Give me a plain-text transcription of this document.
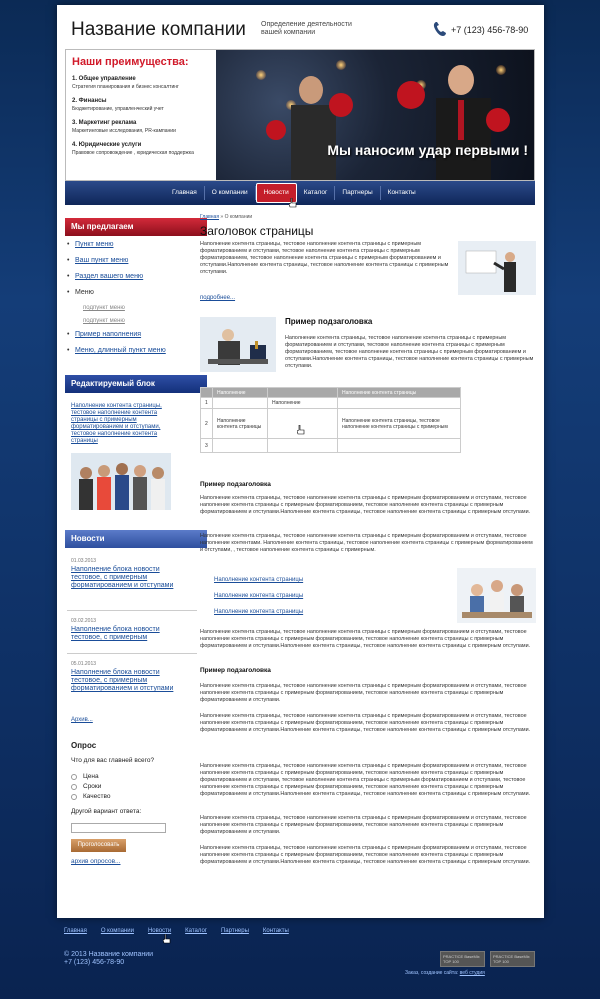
Название компании Определение деятельности вашей компании	+7 (123) 456-78-90
Наши преимущества:
1. Общее управление
Стратегия планирования и бизнес консалтинг
2. Финансы
Бюджетирование, управленческий учет
3. Маркетинг реклама
Маркетинговые исследования, PR-кампании
4. Юридические услуги
Правовое сопровождение , юридическая поддержка	Мы наносим удар первыми !
Главная	О компании	Новости	Каталог	Партнеры	Контакты
Мы предлагаем
• Пункт меню
• Ваш пункт меню
• Раздел вашего меню
• Меню
подпункт меню
подпункт меню
• Пример наполнения
• Меню, длинный пункт меню
Редактируемый блок
Наполнение контента страницы, тестовое наполнение контента страницы с примерным форматированием и отступами, тестовое наполнение контента страницы
Новости
01.03.2013
Наполнение блока новости тестовое, с примерным форматированием и отступами
03.02.2013
Наполнение блока новости тестовое, с примерным
05.01.2013
Наполнение блока новости тестовое, с примерным форматированием и отступами
Архив...
Опрос
Что для вас главней всего?
Цена
Сроки
Качество
Другой вариант ответа:
Проголосовать
архив опросов...
Главная » О компании
Заголовок страницы
Наполнение контента страницы, тестовое наполнение контента страницы с примерным форматированием и отступами, тестовое наполнение контента страницы с примерным форматированием, тестовое наполнение контента страницы с примерным форматированием и отступами.Наполнение контента страницы, тестовое наполнение контента страницы с примерным отступами.
подробнее...
Пример подзаголовка
Наполнение контента страницы, тестовое наполнение контента страницы с примерным форматированием и отступами, тестовое наполнение контента страницы с примерным форматированием, тестовое наполнение контента страницы с примерным форматированием и отступами.Наполнение контента страницы, тестовое наполнение контента страницы с примерным отступами.
	Наполнение		Наполнение контента страницы
1		Наполнение	
2	Наполнение контента страницы		Наполнение контента страницы, тестовое наполнение контента страницы с примерным
3			
Пример подзаголовка
Наполнение контента страницы, тестовое наполнение контента страницы с примерным форматированием и отступами, тестовое наполнение контента страницы с примерным форматированием, тестовое наполнение контента страницы с примерным форматированием и отступами.Наполнение контента страницы, тестовое наполнение контента страницы с примерным отступами.
Наполнение контента страницы, тестовое наполнение контента страницы с примерным форматированием и отступами, тестовое наполнение контентами. Наполнение контента страницы, тестовое наполнение контента страницы с примерным форматированием и отступами, , тестовое наполнение контента страницы с примерным.
Наполнение контента страницы
Наполнение контента страницы
Наполнение контента страницы
Наполнение контента страницы, тестовое наполнение контента страницы с примерным форматированием и отступами, тестовое наполнение контента страницы с примерным форматированием, тестовое наполнение контента страницы с примерным форматированием и отступами.Наполнение контента страницы, тестовое наполнение контента страницы с примерным отступами.
Пример подзаголовка
Наполнение контента страницы, тестовое наполнение контента страницы с примерным форматированием и отступами, тестовое наполнение контента страницы с примерным форматированием, тестовое наполнение контента страницы с примерным форматированием и отступами.
Наполнение контента страницы, тестовое наполнение контента страницы с примерным форматированием и отступами, тестовое наполнение контента страницы с примерным форматированием, тестовое наполнение контента страницы с примерным форматированием и отступами.Наполнение контента страницы, тестовое наполнение контента страницы с примерным отступами.
Наполнение контента страницы, тестовое наполнение контента страницы с примерным форматированием и отступами, тестовое наполнение контента страницы с примерным форматированием, тестовое наполнение контента страницы с примерным форматированием и отступами, тестовое наполнение контента страницы с примерным форматированием и отступами, тестовое наполнение контента страницы с примерным форматированием, тестовое наполнение контента страницы с примерным форматированием и отступами.Наполнение контента страницы, тестовое наполнение контента страницы с примерным отступами.
Наполнение контента страницы, тестовое наполнение контента страницы с примерным форматированием и отступами, тестовое наполнение контента страницы с примерным форматированием, тестовое наполнение контента страницы с примерным форматированием и отступами.
Наполнение контента страницы, тестовое наполнение контента страницы с примерным форматированием и отступами, тестовое наполнение контента страницы с примерным форматированием, тестовое наполнение контента страницы с примерным форматированием и отступами.Наполнение контента страницы, тестовое наполнение контента страницы с примерным отступами.
Главная О компании Новости Каталог Партнеры Контакты
© 2013 Название компании
+7 (123) 456-78-90
PRACTICE BaseMix TOP 100
PRACTICE BaseMix TOP 100
Заказ, создание сайта: веб студия
